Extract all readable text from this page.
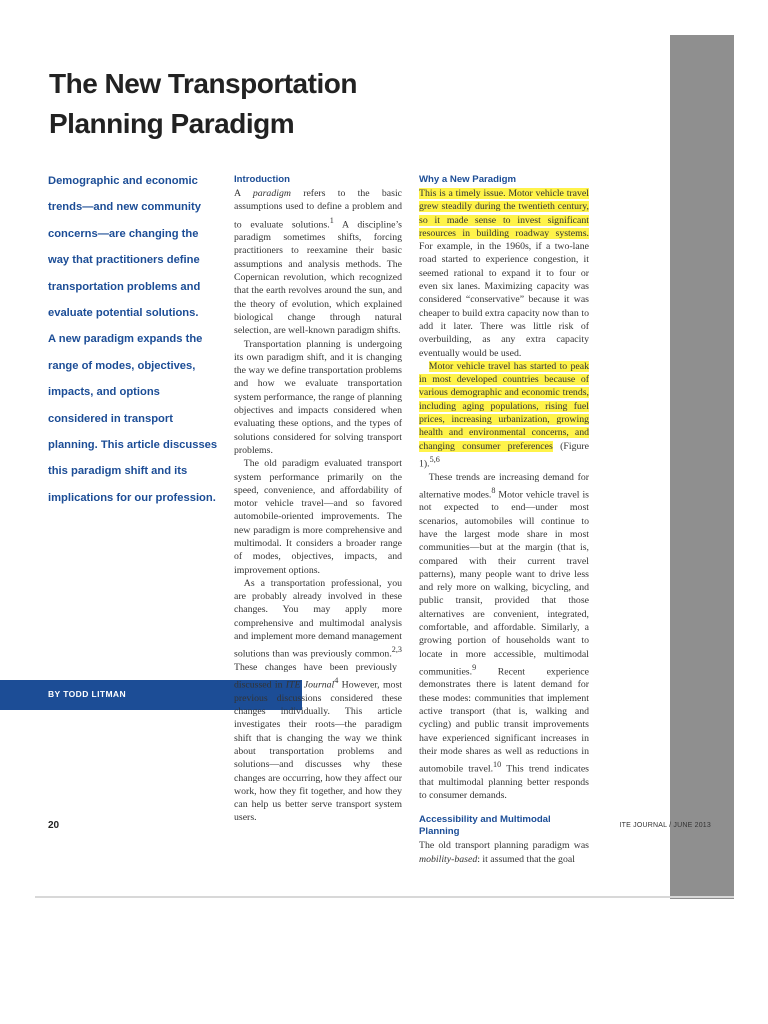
The New Transportation Planning Paradigm

Demographic and economic trends—and new community concerns—are changing the way that practitioners define transportation problems and evaluate potential solutions.

A new paradigm expands the range of modes, objectives, impacts, and options considered in transport planning. This article discusses this paradigm shift and its implications for our profession.

BY TODD LITMAN
Introduction

A paradigm refers to the basic assumptions used to define a problem and to evaluate solutions.$^1$ A discipline’s paradigm sometimes shifts, forcing practitioners to reexamine their basic assumptions and analysis methods. The Copernican revolution, which recognized that the earth revolves around the sun, and the theory of evolution, which explained biological change through natural selection, are well-known paradigm shifts.

Transportation planning is undergoing its own paradigm shift, and it is changing the way we define transportation problems and how we evaluate transportation system performance, the range of planning objectives and impacts considered when evaluating these options, and the types of solutions considered for solving transport problems.

The old paradigm evaluated transport system performance primarily on the speed, convenience, and affordability of motor vehicle travel—and so favored automobile-oriented improvements. The new paradigm is more comprehensive and multimodal. It considers a broader range of modes, objectives, impacts, and improvement options.

As a transportation professional, you are probably already involved in these changes. You may apply more comprehensive and multimodal analysis and implement more demand management solutions than was previously common.$^{2,3}$ These changes have been previously discussed in ITE Journal$^4$ However, most previous discussions considered these changes individually. This article investigates their roots—the paradigm shift that is changing the way we think about transportation problems and solutions—and discusses why these changes are occurring, how they affect our work, how they fit together, and how they can help us better serve transport system users.

Why a New Paradigm

This is a timely issue. Motor vehicle travel grew steadily during the twentieth century, so it made sense to invest significant resources in building roadway systems. For example, in the 1960s, if a two-lane road started to experience congestion, it seemed rational to expand it to four or even six lanes. Maximizing capacity was considered “conservative” because it was cheaper to build extra capacity now than to add it later. There was little risk of overbuilding, as any extra capacity eventually would be used.

Motor vehicle travel has started to peak in most developed countries because of various demographic and economic trends, including aging populations, rising fuel prices, increasing urbanization, growing health and environmental concerns, and changing consumer preferences (Figure 1).$^{5,6}$

These trends are increasing demand for alternative modes.$^8$ Motor vehicle travel is not expected to end—under most scenarios, automobiles will continue to have the largest mode share in most communities—but at the margin (that is, compared with their current travel patterns), many people want to drive less and rely more on walking, bicycling, and public transit, provided that those alternatives are convenient, integrated, comfortable, and affordable. Similarly, a growing portion of households want to locate in more accessible, multimodal communities.$^9$ Recent experience demonstrates there is latent demand for these modes: communities that implement active transport (that is, walking and cycling) and public transit improvements have experienced significant increases in their mode shares as well as reductions in automobile travel.$^{10}$ This trend indicates that multimodal planning better responds to consumer demands.

Accessibility and Multimodal Planning

The old transport planning paradigm was mobility-based: it assumed that the goal

20	ITE JOURNAL / JUNE 2013
